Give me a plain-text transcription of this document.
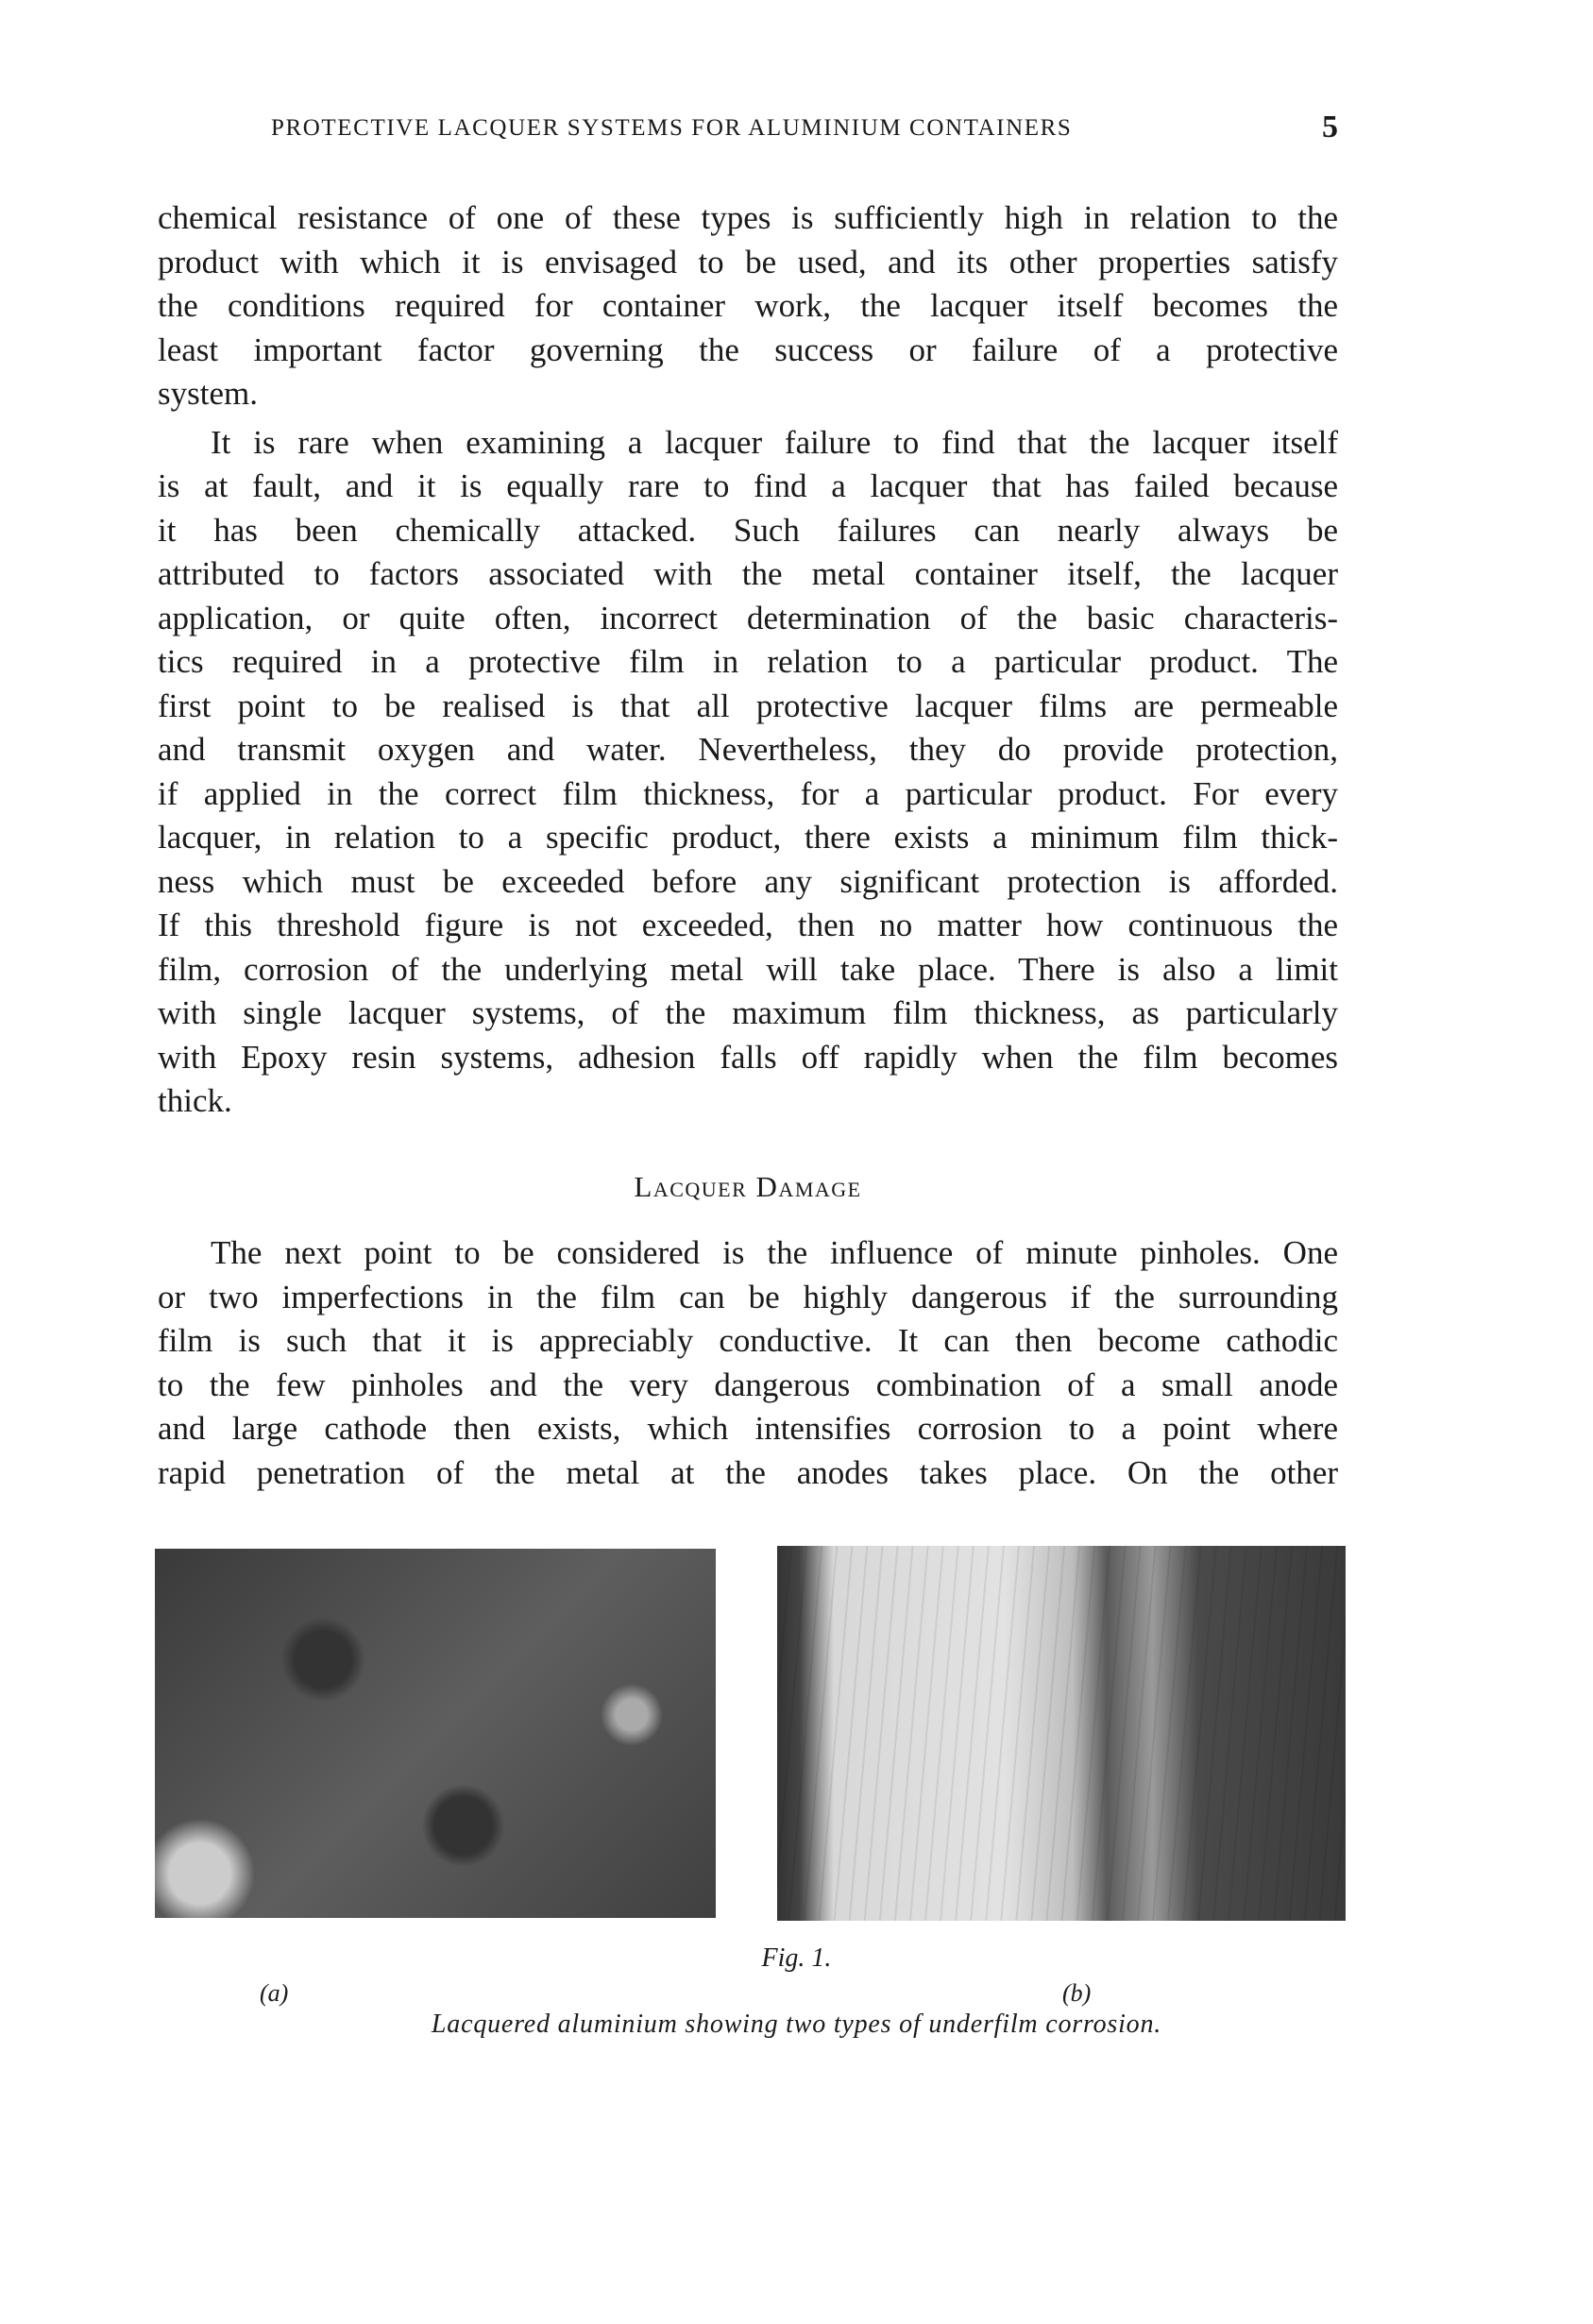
PROTECTIVE LACQUER SYSTEMS FOR ALUMINIUM CONTAINERS	5
chemical resistance of one of these types is sufficiently high in relation to the
product with which it is envisaged to be used, and its other properties satisfy
the conditions required for container work, the lacquer itself becomes the
least important factor governing the success or failure of a protective
system.
It is rare when examining a lacquer failure to find that the lacquer itself
is at fault, and it is equally rare to find a lacquer that has failed because
it has been chemically attacked. Such failures can nearly always be
attributed to factors associated with the metal container itself, the lacquer
application, or quite often, incorrect determination of the basic characteris-
tics required in a protective film in relation to a particular product. The
first point to be realised is that all protective lacquer films are permeable
and transmit oxygen and water. Nevertheless, they do provide protection,
if applied in the correct film thickness, for a particular product. For every
lacquer, in relation to a specific product, there exists a minimum film thick-
ness which must be exceeded before any significant protection is afforded.
If this threshold figure is not exceeded, then no matter how continuous the
film, corrosion of the underlying metal will take place. There is also a limit
with single lacquer systems, of the maximum film thickness, as particularly
with Epoxy resin systems, adhesion falls off rapidly when the film becomes
thick.
Lacquer Damage
The next point to be considered is the influence of minute pinholes. One
or two imperfections in the film can be highly dangerous if the surrounding
film is such that it is appreciably conductive. It can then become cathodic
to the few pinholes and the very dangerous combination of a small anode
and large cathode then exists, which intensifies corrosion to a point where
rapid penetration of the metal at the anodes takes place. On the other
Fig. 1.
(a)	(b)
Lacquered aluminium showing two types of underfilm corrosion.
